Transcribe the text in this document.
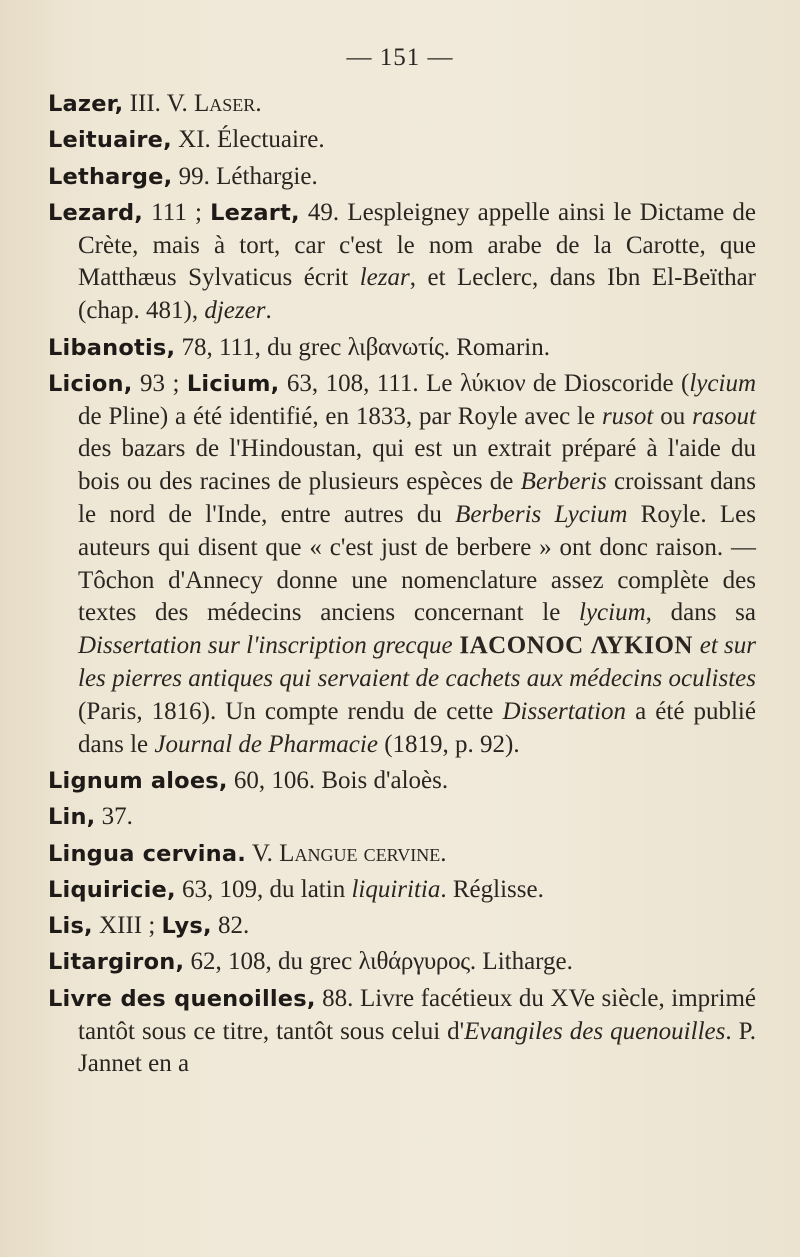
— 151 —

Lazer, III. V. Laser.

Leituaire, XI. Électuaire.

Letharge, 99. Léthargie.

Lezard, 111 ; Lezart, 49. Lespleigney appelle ainsi le Dictame de Crète, mais à tort, car c'est le nom arabe de la Carotte, que Matthæus Sylvaticus écrit lezar, et Leclerc, dans Ibn El-Beïthar (chap. 481), djezer.

Libanotis, 78, 111, du grec λιβανωτίς. Romarin.

Licion, 93 ; Licium, 63, 108, 111. Le λύκιον de Dioscoride (lycium de Pline) a été identifié, en 1833, par Royle avec le rusot ou rasout des bazars de l'Hindoustan, qui est un extrait préparé à l'aide du bois ou des racines de plusieurs espèces de Berberis croissant dans le nord de l'Inde, entre autres du Berberis Lycium Royle. Les auteurs qui disent que « c'est just de berbere » ont donc raison. — Tôchon d'Annecy donne une nomenclature assez complète des textes des médecins anciens concernant le lycium, dans sa Dissertation sur l'inscription grecque ΙΑCΟΝΟC ΛΥΚΙΟΝ et sur les pierres antiques qui servaient de cachets aux médecins oculistes (Paris, 1816). Un compte rendu de cette Dissertation a été publié dans le Journal de Pharmacie (1819, p. 92).

Lignum aloes, 60, 106. Bois d'aloès.

Lin, 37.

Lingua cervina. V. Langue cervine.

Liquiricie, 63, 109, du latin liquiritia. Réglisse.

Lis, XIII ; Lys, 82.

Litargiron, 62, 108, du grec λιθάργυρος. Litharge.

Livre des quenoilles, 88. Livre facétieux du XVe siècle, imprimé tantôt sous ce titre, tantôt sous celui d'Evangiles des quenouilles. P. Jannet en a
